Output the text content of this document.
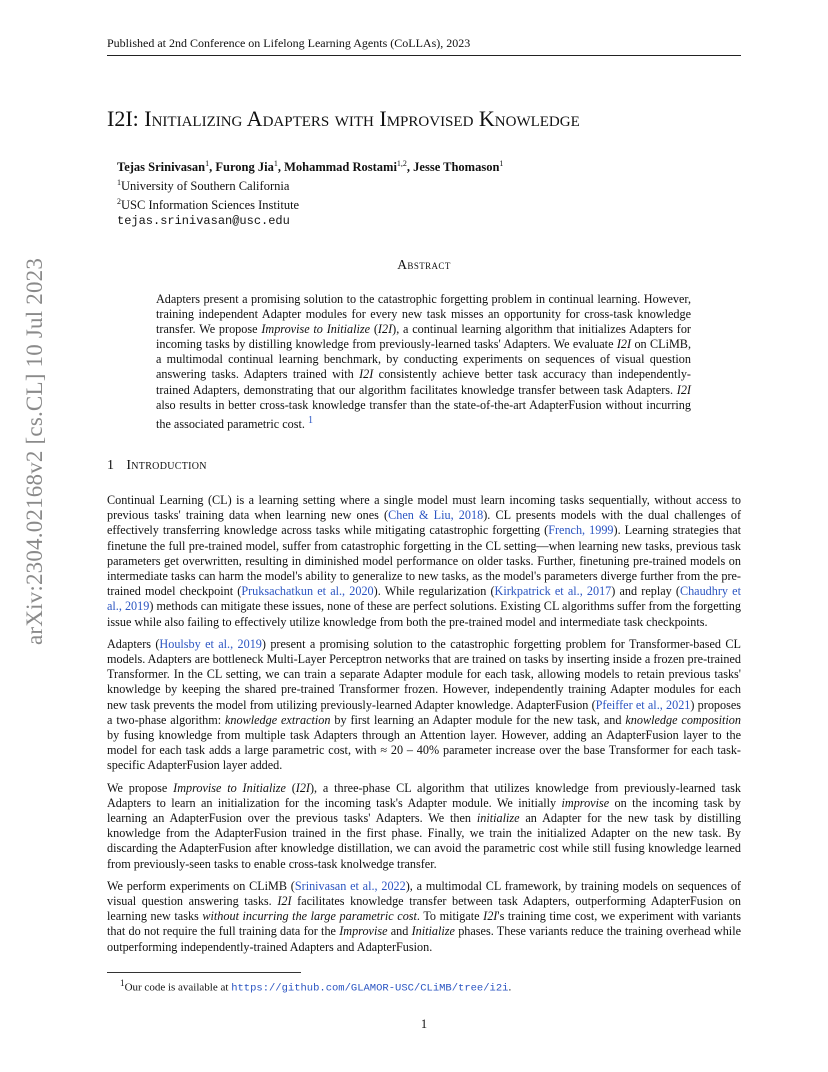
Published at 2nd Conference on Lifelong Learning Agents (CoLLAs), 2023
arXiv:2304.02168v2 [cs.CL] 10 Jul 2023
I2I: Initializing Adapters with Improvised Knowledge
Tejas Srinivasan$^1$, Furong Jia$^1$, Mohammad Rostami$^{1,2}$, Jesse Thomason$^1$
$^1$University of Southern California
$^2$USC Information Sciences Institute
tejas.srinivasan@usc.edu
Abstract
Adapters present a promising solution to the catastrophic forgetting problem in continual learning. However, training independent Adapter modules for every new task misses an opportunity for cross-task knowledge transfer. We propose Improvise to Initialize (I2I), a continual learning algorithm that initializes Adapters for incoming tasks by distilling knowledge from previously-learned tasks' Adapters. We evaluate I2I on CLiMB, a multimodal continual learning benchmark, by conducting experiments on sequences of visual question answering tasks. Adapters trained with I2I consistently achieve better task accuracy than independently-trained Adapters, demonstrating that our algorithm facilitates knowledge transfer between task Adapters. I2I also results in better cross-task knowledge transfer than the state-of-the-art AdapterFusion without incurring the associated parametric cost. $^1$
1 Introduction

Continual Learning (CL) is a learning setting where a single model must learn incoming tasks sequentially, without access to previous tasks' training data when learning new ones (Chen & Liu, 2018). CL presents models with the dual challenges of effectively transferring knowledge across tasks while mitigating catastrophic forgetting (French, 1999). Learning strategies that finetune the full pre-trained model, suffer from catastrophic forgetting in the CL setting—when learning new tasks, previous task parameters get overwritten, resulting in diminished model performance on older tasks. Further, finetuning pre-trained models on intermediate tasks can harm the model's ability to generalize to new tasks, as the model's parameters diverge further from the pre-trained model checkpoint (Pruksachatkun et al., 2020). While regularization (Kirkpatrick et al., 2017) and replay (Chaudhry et al., 2019) methods can mitigate these issues, none of these are perfect solutions. Existing CL algorithms suffer from the forgetting issue while also failing to effectively utilize knowledge from both the pre-trained model and intermediate task checkpoints.

Adapters (Houlsby et al., 2019) present a promising solution to the catastrophic forgetting problem for Transformer-based CL models. Adapters are bottleneck Multi-Layer Perceptron networks that are trained on tasks by inserting inside a frozen pre-trained Transformer. In the CL setting, we can train a separate Adapter module for each task, allowing models to retain previous tasks' knowledge by keeping the shared pre-trained Transformer frozen. However, independently training Adapter modules for each new task prevents the model from utilizing previously-learned Adapter knowledge. AdapterFusion (Pfeiffer et al., 2021) proposes a two-phase algorithm: knowledge extraction by first learning an Adapter module for the new task, and knowledge composition by fusing knowledge from multiple task Adapters through an Attention layer. However, adding an AdapterFusion layer to the model for each task adds a large parametric cost, with ≈ 20 – 40% parameter increase over the base Transformer for each task-specific AdapterFusion layer added.

We propose Improvise to Initialize (I2I), a three-phase CL algorithm that utilizes knowledge from previously-learned task Adapters to learn an initialization for the incoming task's Adapter module. We initially improvise on the incoming task by learning an AdapterFusion over the previous tasks' Adapters. We then initialize an Adapter for the new task by distilling knowledge from the AdapterFusion trained in the first phase. Finally, we train the initialized Adapter on the new task. By discarding the AdapterFusion after knowledge distillation, we can avoid the parametric cost while still fusing knowledge learned from previously-seen tasks to enable cross-task knolwedge transfer.

We perform experiments on CLiMB (Srinivasan et al., 2022), a multimodal CL framework, by training models on sequences of visual question answering tasks. I2I facilitates knowledge transfer between task Adapters, outperforming AdapterFusion on learning new tasks without incurring the large parametric cost. To mitigate I2I's training time cost, we experiment with variants that do not require the full training data for the Improvise and Initialize phases. These variants reduce the training overhead while outperforming independently-trained Adapters and AdapterFusion.

$^1$Our code is available at https://github.com/GLAMOR-USC/CLiMB/tree/i2i.
1
